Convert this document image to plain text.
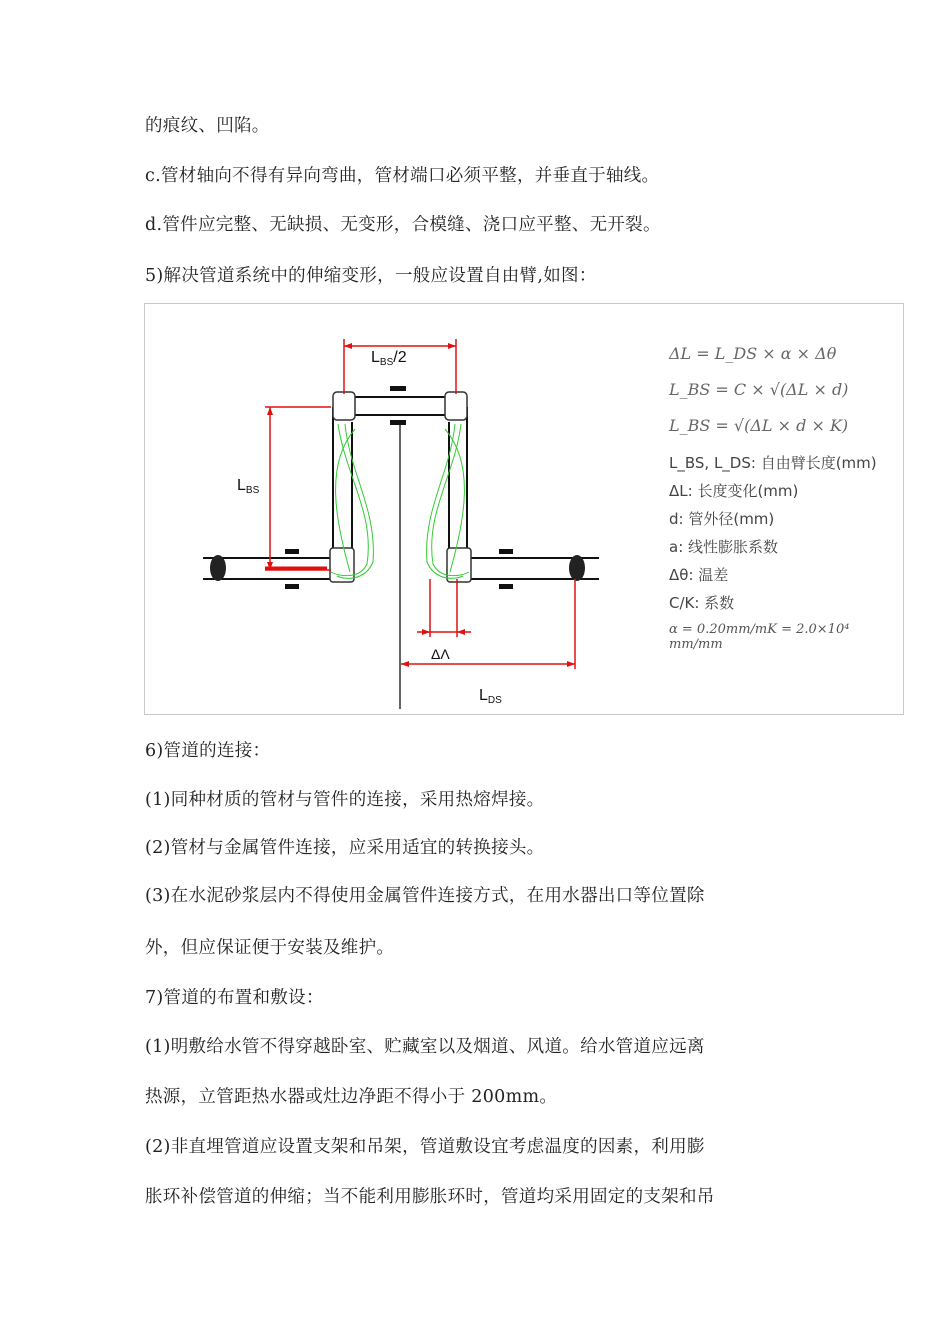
的痕纹、凹陷。
c.管材轴向不得有异向弯曲，管材端口必须平整，并垂直于轴线。
d.管件应完整、无缺损、无变形，合模缝、浇口应平整、无开裂。
5)解决管道系统中的伸缩变形，一般应设置自由臂,如图：
LBS/2
LBS
ΔΛ
LDS
ΔL = L_DS × α × Δθ
L_BS = C × √(ΔL × d)
L_BS = √(ΔL × d × K)
L_BS, L_DS: 自由臂长度(mm)
ΔL: 长度变化(mm)
d: 管外径(mm)
a: 线性膨胀系数
Δθ: 温差
C/K: 系数
α = 0.20mm/mK = 2.0×10⁴ mm/mm
6)管道的连接：
(1)同种材质的管材与管件的连接，采用热熔焊接。
(2)管材与金属管件连接，应采用适宜的转换接头。
(3)在水泥砂浆层内不得使用金属管件连接方式，在用水器出口等位置除
外，但应保证便于安装及维护。
7)管道的布置和敷设：
(1)明敷给水管不得穿越卧室、贮藏室以及烟道、风道。给水管道应远离
热源，立管距热水器或灶边净距不得小于 200mm。
(2)非直埋管道应设置支架和吊架，管道敷设宜考虑温度的因素，利用膨
胀环补偿管道的伸缩；当不能利用膨胀环时，管道均采用固定的支架和吊
